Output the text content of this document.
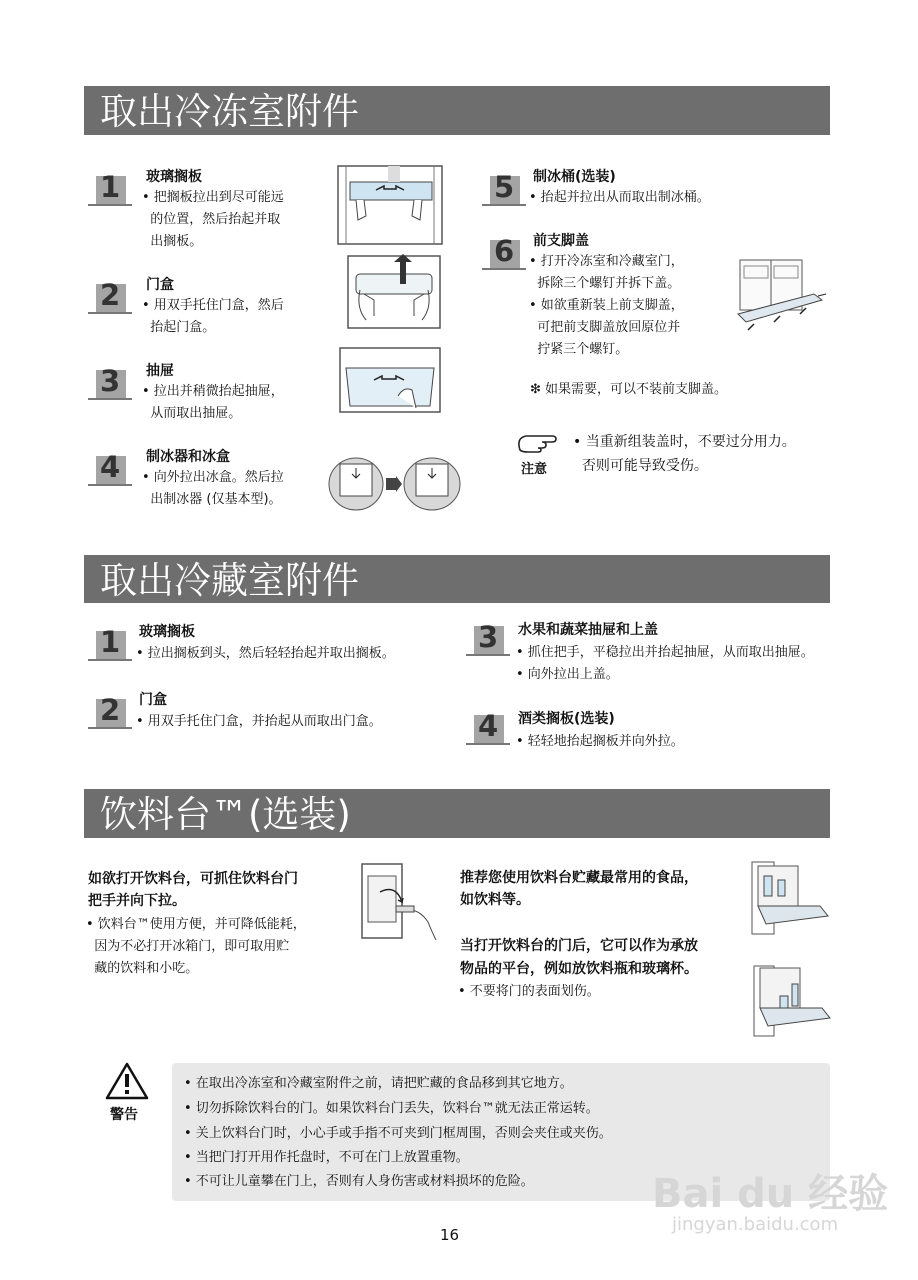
取出冷冻室附件
1 玻璃搁板
• 把搁板拉出到尽可能远
的位置，然后抬起并取
出搁板。
2 门盒
• 用双手托住门盒，然后
抬起门盒。
3 抽屉
• 拉出并稍微抬起抽屉，
从而取出抽屉。
4 制冰器和冰盒
• 向外拉出冰盒。然后拉
出制冰器 (仅基本型)。
5 制冰桶(选装)
• 抬起并拉出从而取出制冰桶。
6 前支脚盖
• 打开冷冻室和冷藏室门，
拆除三个螺钉并拆下盖。
• 如欲重新装上前支脚盖，
可把前支脚盖放回原位并
拧紧三个螺钉。
❇ 如果需要，可以不装前支脚盖。
注意
• 当重新组装盖时，不要过分用力。
否则可能导致受伤。
取出冷藏室附件
1 玻璃搁板
• 拉出搁板到头，然后轻轻抬起并取出搁板。
2 门盒
• 用双手托住门盒，并抬起从而取出门盒。
3 水果和蔬菜抽屉和上盖
• 抓住把手，平稳拉出并抬起抽屉，从而取出抽屉。
• 向外拉出上盖。
4 酒类搁板(选装)
• 轻轻地抬起搁板并向外拉。
饮料台™(选装)
如欲打开饮料台，可抓住饮料台门
把手并向下拉。
• 饮料台™使用方便，并可降低能耗，
因为不必打开冰箱门，即可取用贮
藏的饮料和小吃。
推荐您使用饮料台贮藏最常用的食品，
如饮料等。
当打开饮料台的门后，它可以作为承放
物品的平台，例如放饮料瓶和玻璃杯。
• 不要将门的表面划伤。
警告
• 在取出冷冻室和冷藏室附件之前，请把贮藏的食品移到其它地方。
• 切勿拆除饮料台的门。如果饮料台门丢失，饮料台™就无法正常运转。
• 关上饮料台门时，小心手或手指不可夹到门框周围，否则会夹住或夹伤。
• 当把门打开用作托盘时，不可在门上放置重物。
• 不可让儿童攀在门上，否则有人身伤害或材料损坏的危险。
16
Bai du 经验
jingyan.baidu.com
